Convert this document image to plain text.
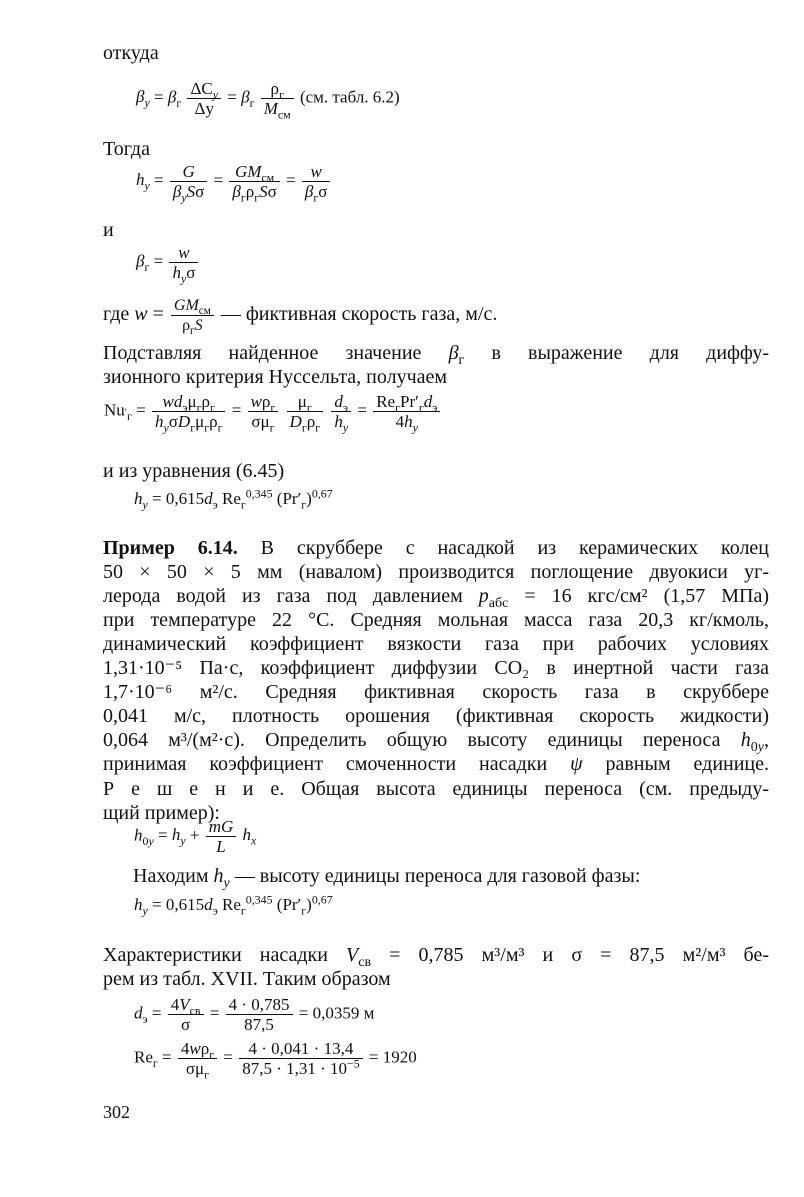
откуда
$\beta_y = \beta_г \frac{\Delta C_y}{\Delta y} = \beta_г \frac{\rho_г}{M_{см}} (см$. табл. 6.2)
Тогда
$h_y = \frac{G}{\beta_yS\sigma} = \frac{GM_{см}}{\beta_г\rho_гS\sigma} = \frac{w}{\beta_г\sigma}$
и
$\beta_г = \frac{w}{h_y\sigma}$
где $w = \frac{GM_{см}}{\rho_гS}$ — фиктивная скорость газа, м/с.
Подставляя найденное значение $\beta_г$ в выражение для диффу-
зионного критерия Нуссельта, получаем
$Nu'_г = \frac{wd_э\mu_г\rho_г}{h_y\sigma D_г\mu_г\rho_г} = \frac{w\rho_г}{\sigma\mu_г}$
$\frac{\mu_г}{D_г\rho_г}$
$\frac{d_э}{h_y} = \frac{Re_гPr'_гd_э}{4h_y}$
и из уравнения (6.45)
$h_y = 0,615d_э$ $Re_г^{0,345}$ $(Pr'_г)^{0,67}$
Пример 6.14. В скруббере с насадкой из керамических колец
50 × 50 × 5 мм (навалом) производится поглощение двуокиси уг-
лерода водой из газа под давлением $p_{абс} = 16$ кгс/см² (1,57 МПа)
при температуре 22 °С. Средняя мольная масса газа 20,3 кг/кмоль,
динамический коэффициент вязкости газа при рабочих условиях
1,31·10⁻⁵ Па·с, коэффициент диффузии CO₂ в инертной части газа
1,7·10⁻⁶ м²/с. Средняя фиктивная скорость газа в скруббере
0,041 м/с, плотность орошения (фиктивная скорость жидкости)
0,064 м³/(м²·с). Определить общую высоту единицы переноса $h_{0y}$,
принимая коэффициент смоченности насадки ψ равным единице.
Р е ш е н и е. Общая высота единицы переноса (см. предыду-
щий пример):
$h_{0y} = h_y + \frac{mG}{L} h_x$
Находим $h_y$ — высоту единицы переноса для газовой фазы:
$h_y = 0,615d_э$ $Re_г^{0,345}$ $(Pr'_г)^{0,67}$
Характеристики насадки $V_{св} = 0,785$ м³/м³ и σ = 87,5 м²/м³ бе-
рем из табл. XVII. Таким образом
$d_э = \frac{4V_{св}}{\sigma} = \frac{4 \cdot 0,785}{87,5} = 0,0359$ м
$Re_г = \frac{4w\rho_г}{\sigma\mu_г} = \frac{4 \cdot 0,041 \cdot 13,4}{87,5 \cdot 1,31 \cdot 10^{-5}} = 1920$
302
